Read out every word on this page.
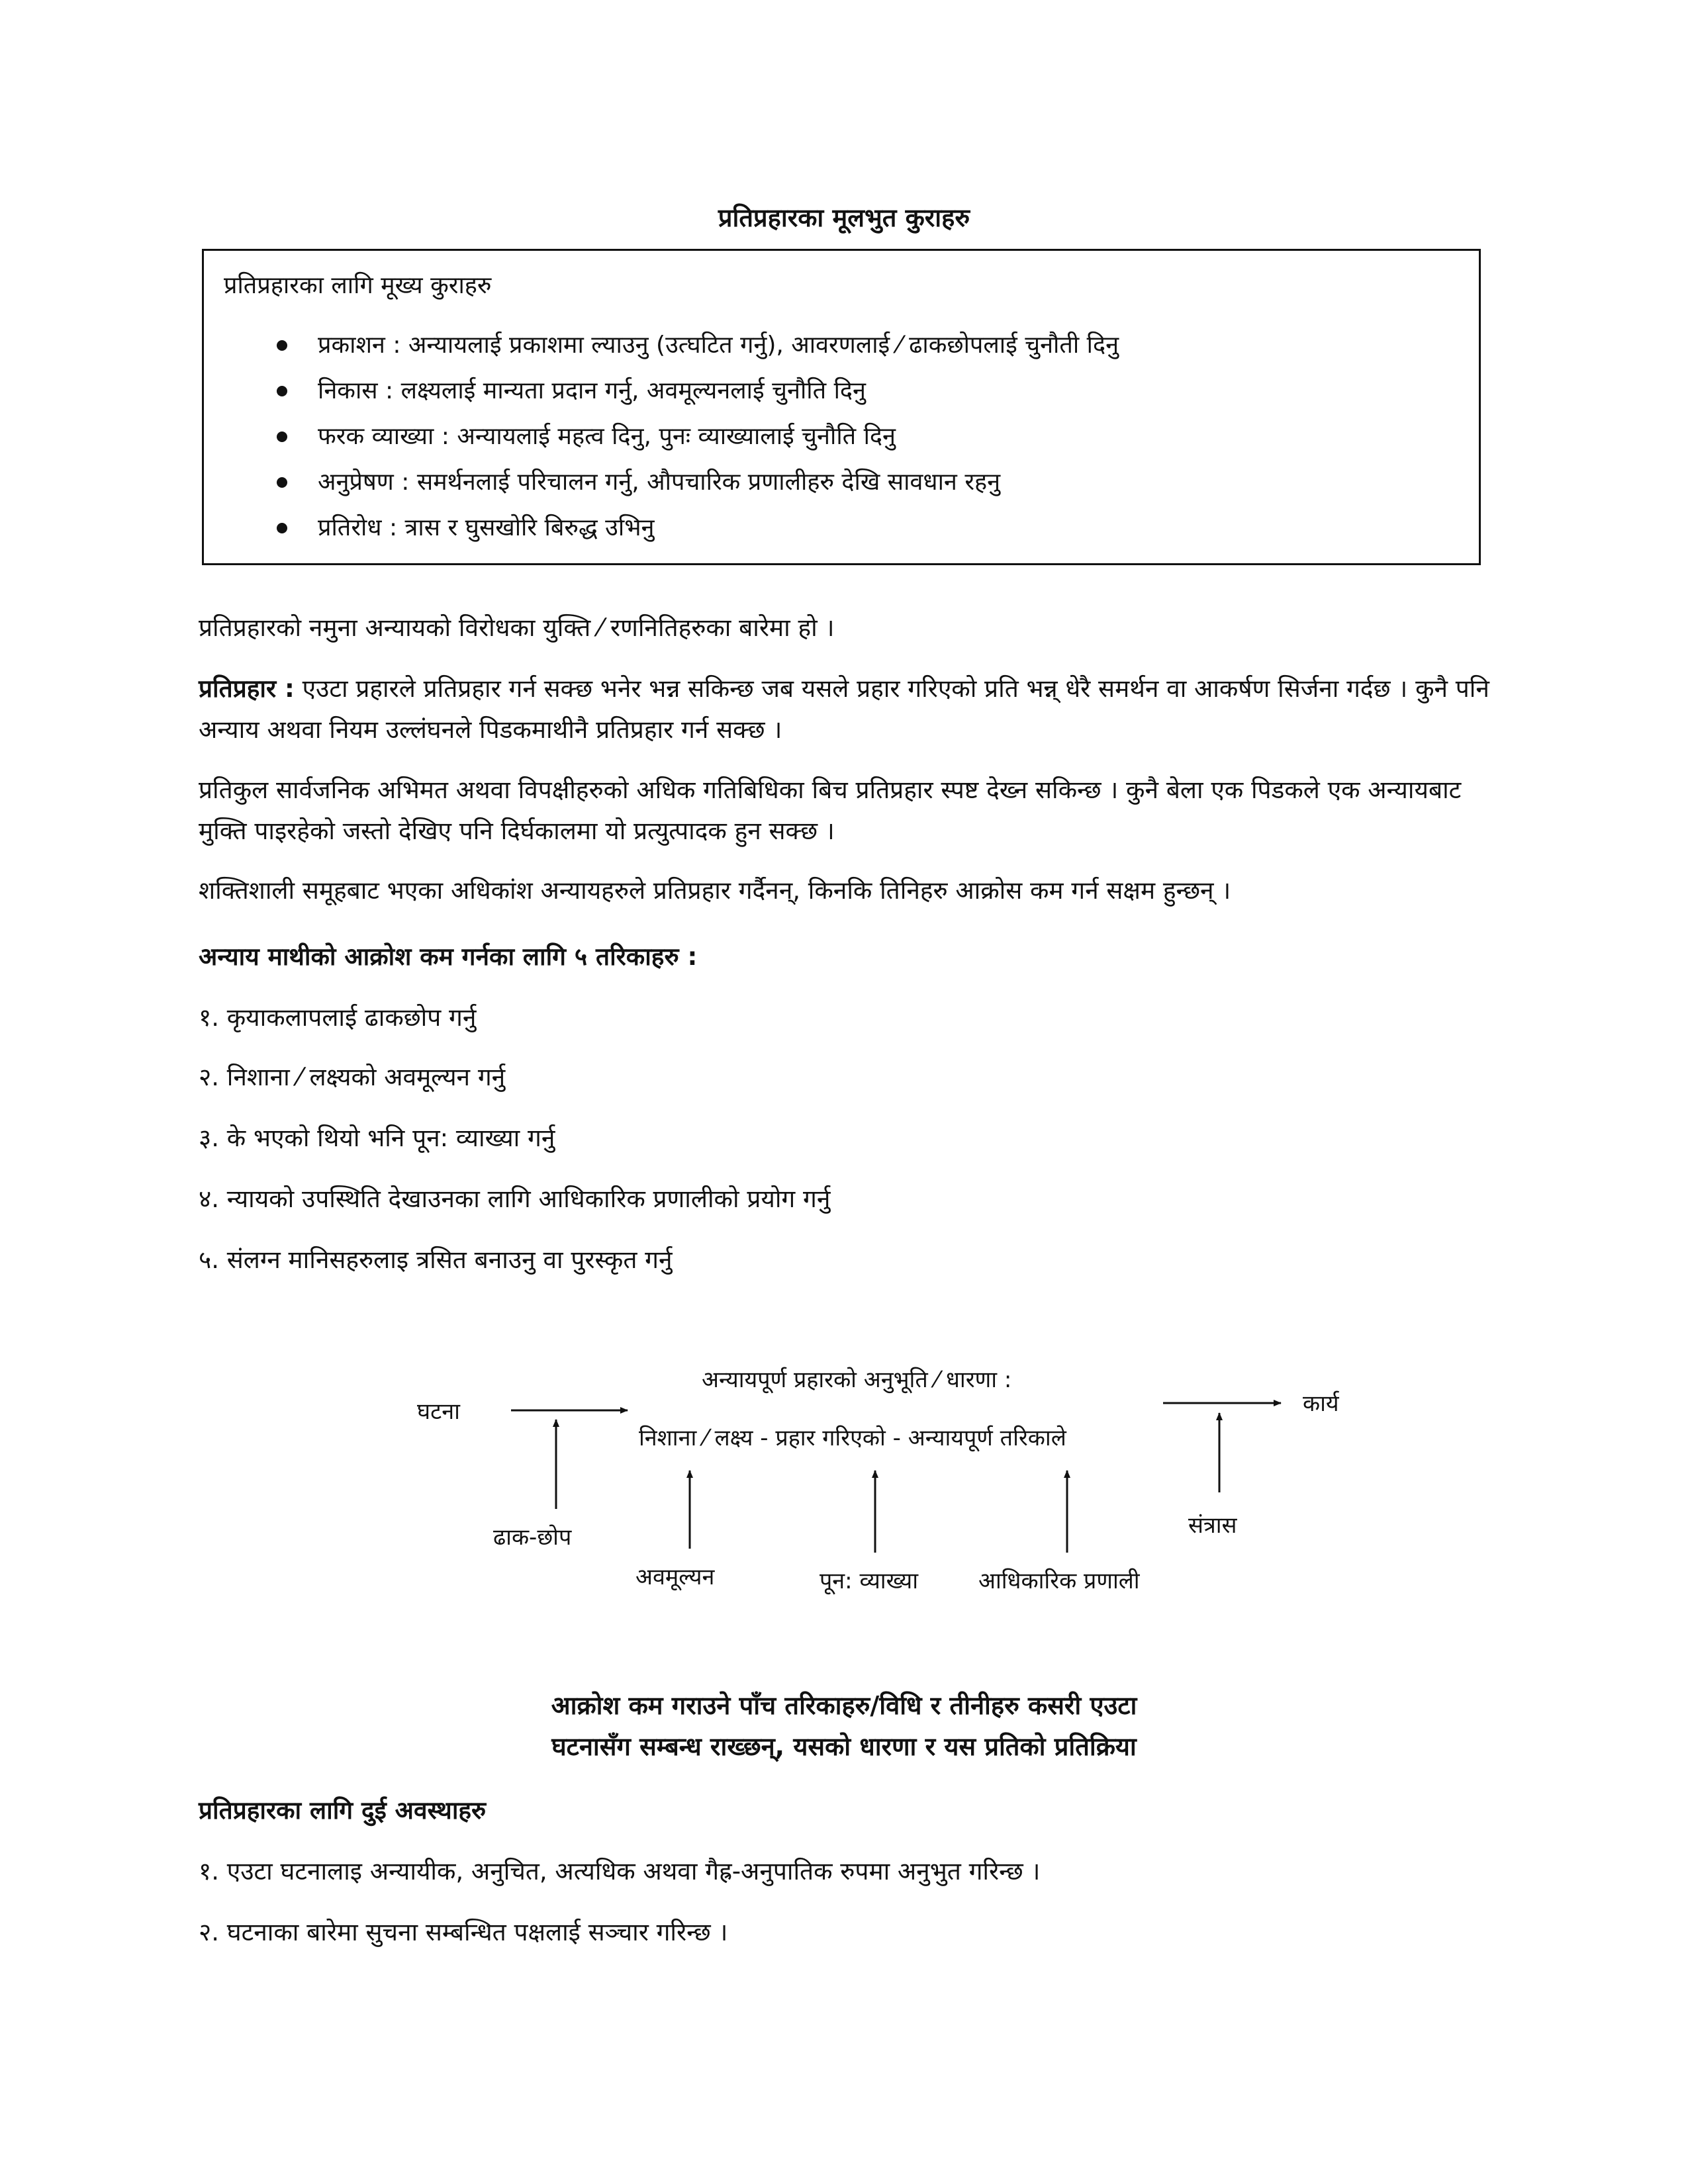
प्रतिप्रहारका मूलभुत कुराहरु
प्रतिप्रहारका लागि मूख्य कुराहरु
प्रकाशन : अन्यायलाई प्रकाशमा ल्याउनु (उत्घटित गर्नु), आवरणलाई ⁄ ढाकछोपलाई चुनौती दिनु
निकास : लक्ष्यलाई मान्यता प्रदान गर्नु, अवमूल्यनलाई चुनौति दिनु
फरक व्याख्या : अन्यायलाई महत्व दिनु, पुनः व्याख्यालाई चुनौति दिनु
अनुप्रेषण : समर्थनलाई परिचालन गर्नु, औपचारिक प्रणालीहरु देखि सावधान रहनु
प्रतिरोध : त्रास र घुसखोरि बिरुद्ध उभिनु
प्रतिप्रहारको नमुना अन्यायको विरोधका युक्ति ⁄ रणनितिहरुका बारेमा हो ।
प्रतिप्रहार : एउटा प्रहारले प्रतिप्रहार गर्न सक्छ भनेर भन्न सकिन्छ जब यसले प्रहार गरिएको प्रति भन्न् धेरै समर्थन वा आकर्षण सिर्जना गर्दछ । कुनै पनि अन्याय अथवा नियम उल्लंघनले पिडकमाथीनै प्रतिप्रहार गर्न सक्छ ।
प्रतिकुल सार्वजनिक अभिमत अथवा विपक्षीहरुको अधिक गतिबिधिका बिच प्रतिप्रहार स्पष्ट देख्न सकिन्छ । कुनै बेला एक पिडकले एक अन्यायबाट मुक्ति पाइरहेको जस्तो देखिए पनि दिर्घकालमा यो प्रत्युत्पादक हुन सक्छ ।
शक्तिशाली समूहबाट भएका अधिकांश अन्यायहरुले प्रतिप्रहार गर्दैनन्, किनकि तिनिहरु आक्रोस कम गर्न सक्षम हुन्छन् ।
अन्याय माथीको आक्रोश कम गर्नका लागि ५ तरिकाहरु :
१. कृयाकलापलाई ढाकछोप गर्नु
२. निशाना ⁄ लक्ष्यको अवमूल्यन गर्नु
३. के भएको थियो भनि पून: व्याख्या गर्नु
४. न्यायको उपस्थिति देखाउनका लागि आधिकारिक प्रणालीको प्रयोग गर्नु
५. संलग्न मानिसहरुलाइ त्रसित बनाउनु वा पुरस्कृत गर्नु
घटना
अन्यायपूर्ण प्रहारको अनुभूति ⁄ धारणा :
निशाना ⁄ लक्ष्य - प्रहार गरिएको - अन्यायपूर्ण तरिकाले
कार्य
ढाक-छोप
अवमूल्यन	पून: व्याख्या	आधिकारिक प्रणाली
संत्रास
आक्रोश कम गराउने पाँच तरिकाहरु/विधि र तीनीहरु कसरी एउटा
घटनासँग सम्बन्ध राख्छन्, यसको धारणा र यस प्रतिको प्रतिक्रिया
प्रतिप्रहारका लागि दुई अवस्थाहरु
१. एउटा घटनालाइ अन्यायीक, अनुचित, अत्यधिक अथवा गैह्र-अनुपातिक रुपमा अनुभुत गरिन्छ ।
२. घटनाका बारेमा सुचना सम्बन्धित पक्षलाई सञ्चार गरिन्छ ।
